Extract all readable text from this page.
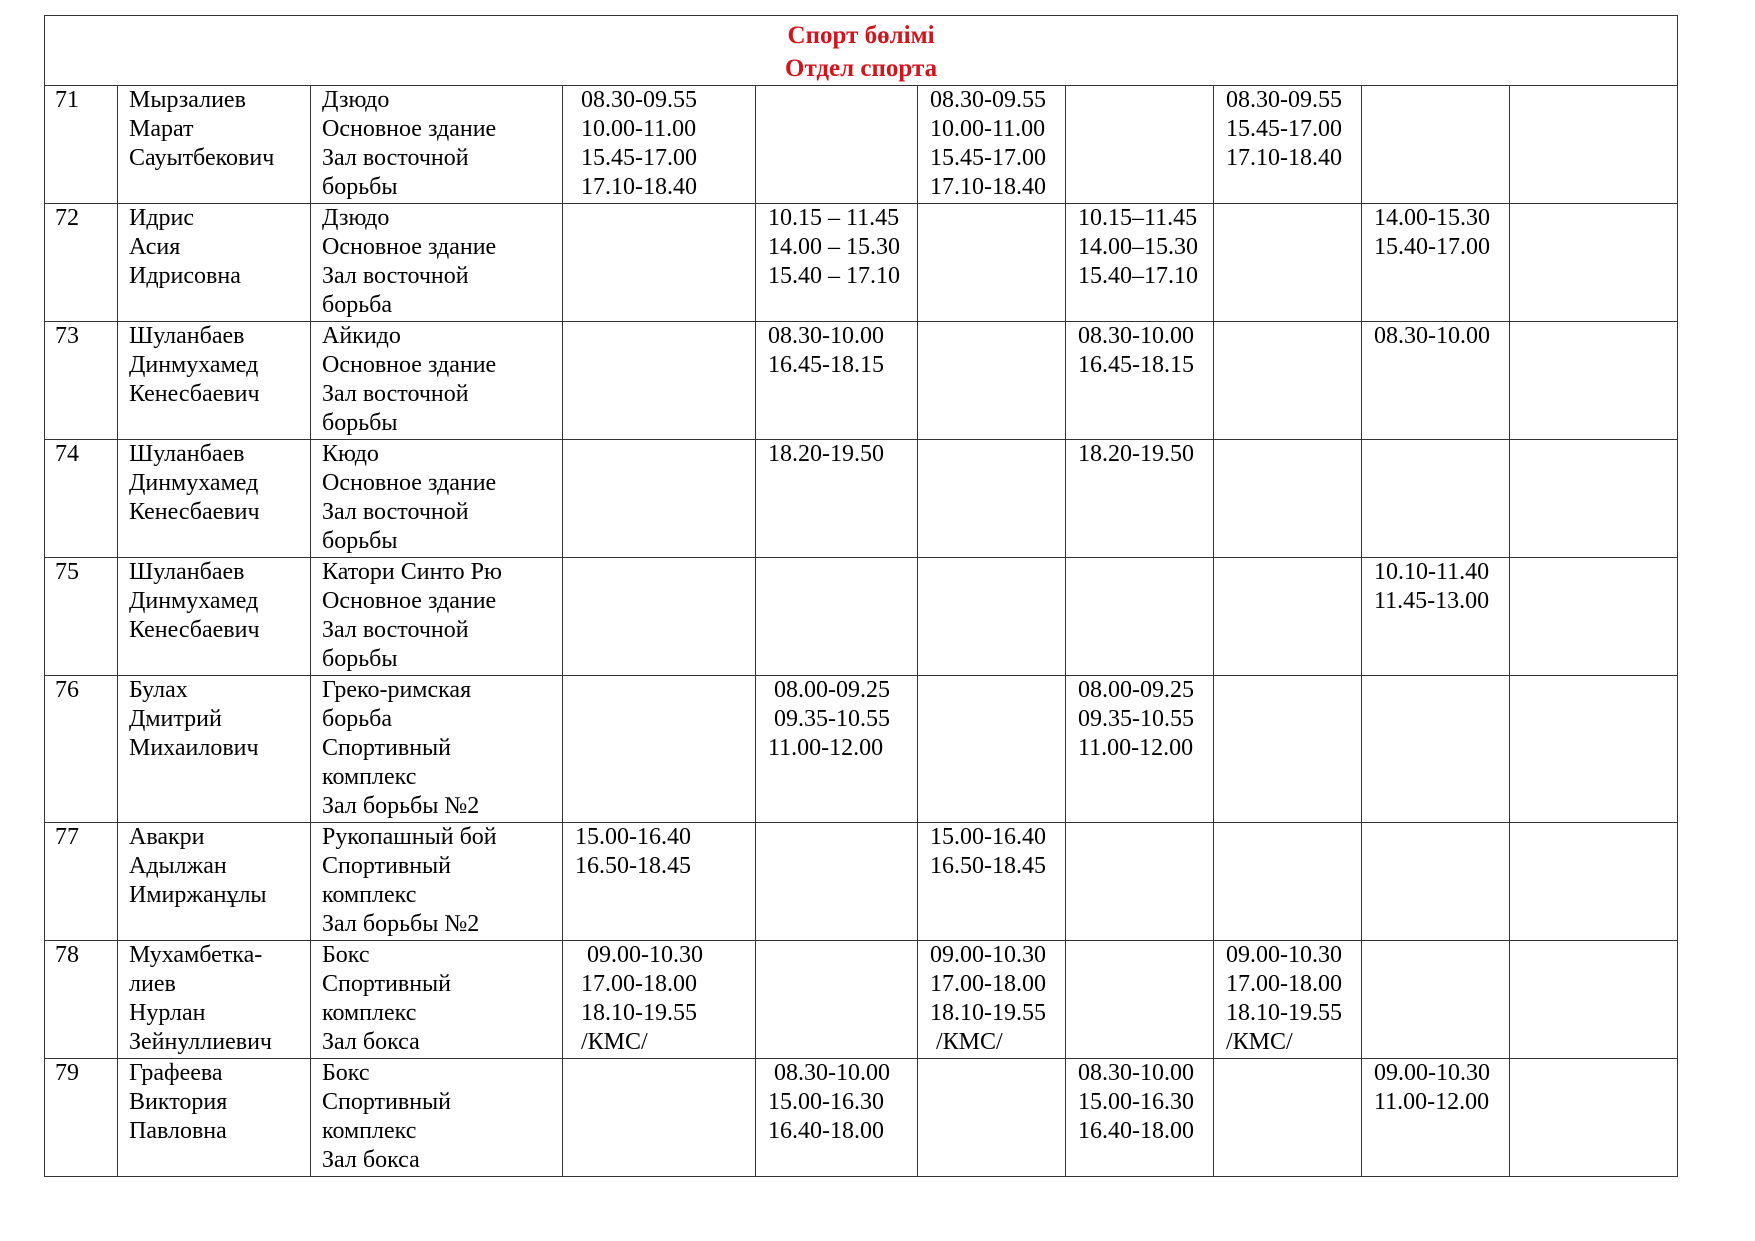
Спорт бөлімі
Отдел спорта									

71	Мырзалиев
Марат
Сауытбекович	Дзюдо
Основное здание
Зал восточной
борьбы	08.30-09.55
10.00-11.00
15.45-17.00
17.10-18.40		08.30-09.55
10.00-11.00
15.45-17.00
17.10-18.40		08.30-09.55
15.45-17.00
17.10-18.40		

72	Идрис
Асия
Идрисовна	Дзюдо
Основное здание
Зал восточной
борьба		10.15 – 11.45
14.00 – 15.30
15.40 – 17.10		10.15–11.45
14.00–15.30
15.40–17.10		14.00-15.30
15.40-17.00	

73	Шуланбаев
Динмухамед
Кенесбаевич	Айкидо
Основное здание
Зал восточной
борьбы		08.30-10.00
16.45-18.15		08.30-10.00
16.45-18.15		08.30-10.00	

74	Шуланбаев
Динмухамед
Кенесбаевич	Кюдо
Основное здание
Зал восточной
борьбы		18.20-19.50		18.20-19.50			

75	Шуланбаев
Динмухамед
Кенесбаевич	Катори Синто Рю
Основное здание
Зал восточной
борьбы						10.10-11.40
11.45-13.00	

76	Булах
Дмитрий
Михаилович	Греко-римская
борьба
Спортивный
комплекс
Зал борьбы №2		08.00-09.25
09.35-10.55
11.00-12.00		08.00-09.25
09.35-10.55
11.00-12.00			

77	Авакри
Адылжан
Имиржанұлы	Рукопашный бой
Спортивный
комплекс
Зал борьбы №2	15.00-16.40
16.50-18.45		15.00-16.40
16.50-18.45				

78	Мухамбетка-
лиев
Нурлан
Зейнуллиевич	Бокс
Спортивный
комплекс
Зал бокса	09.00-10.30
17.00-18.00
18.10-19.55
/КМС/		09.00-10.30
17.00-18.00
18.10-19.55
/КМС/		09.00-10.30
17.00-18.00
18.10-19.55
/КМС/		

79	Графеева
Виктория
Павловна	Бокс
Спортивный
комплекс
Зал бокса		08.30-10.00
15.00-16.30
16.40-18.00		08.30-10.00
15.00-16.30
16.40-18.00		09.00-10.30
11.00-12.00	
